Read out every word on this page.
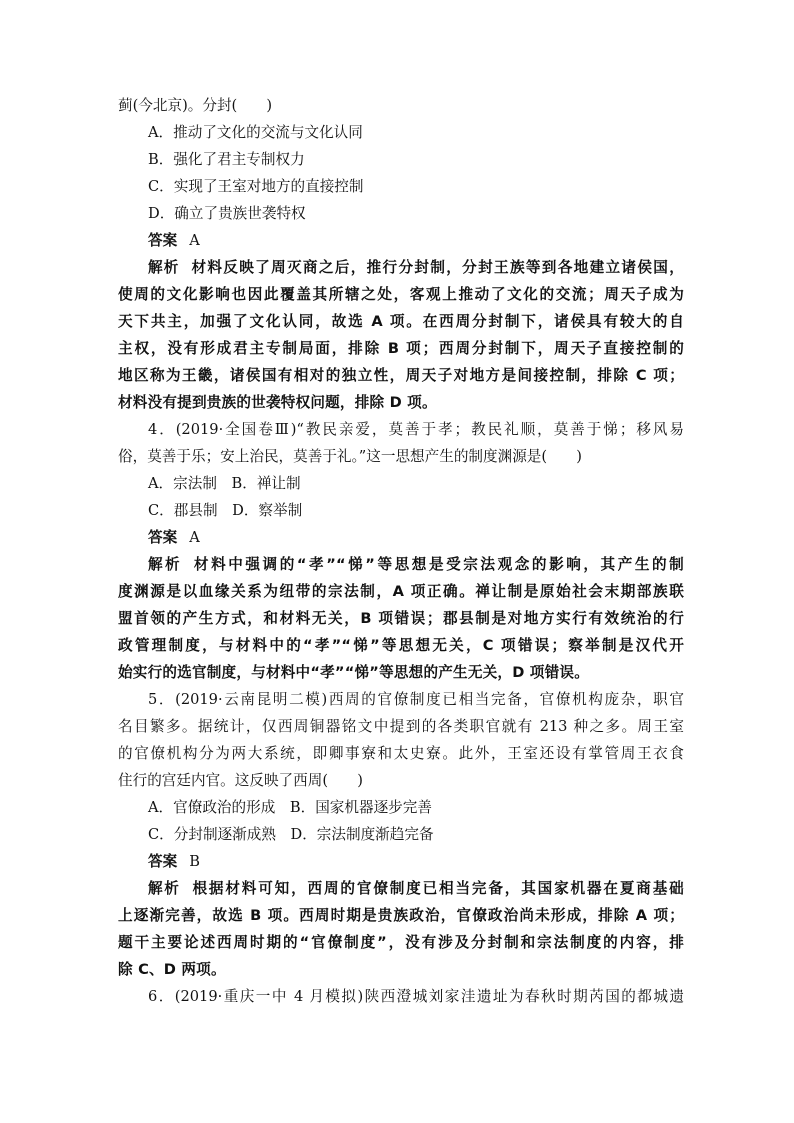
蓟(今北京)。分封(　　)
A．推动了文化的交流与文化认同
B．强化了君主专制权力
C．实现了王室对地方的直接控制
D．确立了贵族世袭特权
答案 A
解析 材料反映了周灭商之后，推行分封制，分封王族等到各地建立诸侯国，
使周的文化影响也因此覆盖其所辖之处，客观上推动了文化的交流；周天子成为
天下共主，加强了文化认同，故选 A 项。在西周分封制下，诸侯具有较大的自
主权，没有形成君主专制局面，排除 B 项；西周分封制下，周天子直接控制的
地区称为王畿，诸侯国有相对的独立性，周天子对地方是间接控制，排除 C 项；
材料没有提到贵族的世袭特权问题，排除 D 项。
4．(2019·全国卷Ⅲ)“教民亲爱，莫善于孝；教民礼顺，莫善于悌；移风易
俗，莫善于乐；安上治民，莫善于礼。”这一思想产生的制度渊源是(　　)
A．宗法制　B．禅让制
C．郡县制　D．察举制
答案 A
解析 材料中强调的“孝”“悌”等思想是受宗法观念的影响，其产生的制
度渊源是以血缘关系为纽带的宗法制，A 项正确。禅让制是原始社会末期部族联
盟首领的产生方式，和材料无关，B 项错误；郡县制是对地方实行有效统治的行
政管理制度，与材料中的“孝”“悌”等思想无关，C 项错误；察举制是汉代开
始实行的选官制度，与材料中“孝”“悌”等思想的产生无关，D 项错误。
5．(2019·云南昆明二模)西周的官僚制度已相当完备，官僚机构庞杂，职官
名目繁多。据统计，仅西周铜器铭文中提到的各类职官就有 213 种之多。周王室
的官僚机构分为两大系统，即卿事寮和太史寮。此外，王室还设有掌管周王衣食
住行的宫廷内官。这反映了西周(　　)
A．官僚政治的形成　B．国家机器逐步完善
C．分封制逐渐成熟　D．宗法制度渐趋完备
答案 B
解析 根据材料可知，西周的官僚制度已相当完备，其国家机器在夏商基础
上逐渐完善，故选 B 项。西周时期是贵族政治，官僚政治尚未形成，排除 A 项；
题干主要论述西周时期的“官僚制度”，没有涉及分封制和宗法制度的内容，排
除 C、D 两项。
6．(2019·重庆一中 4 月模拟)陕西澄城刘家洼遗址为春秋时期芮国的都城遗
